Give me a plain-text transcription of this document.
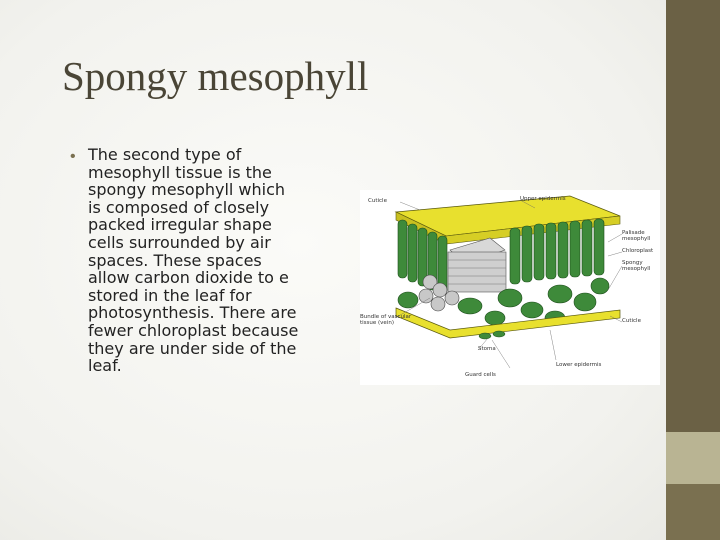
Spongy mesophyll
• The second type of
mesophyll tissue is the
spongy mesophyll which
is composed of closely
packed irregular shape
cells surrounded by air
spaces. These spaces
allow carbon dioxide to e
stored in the leaf for
photosynthesis. There are
fewer chloroplast because
they are under side of the
leaf.
Cuticle	Upper epidermis
Palisade mesophyll
Chloroplast
Spongy mesophyll
Bundle of vascular tissue (vein)	Cuticle
Stoma
Lower epidermis
Guard cells
